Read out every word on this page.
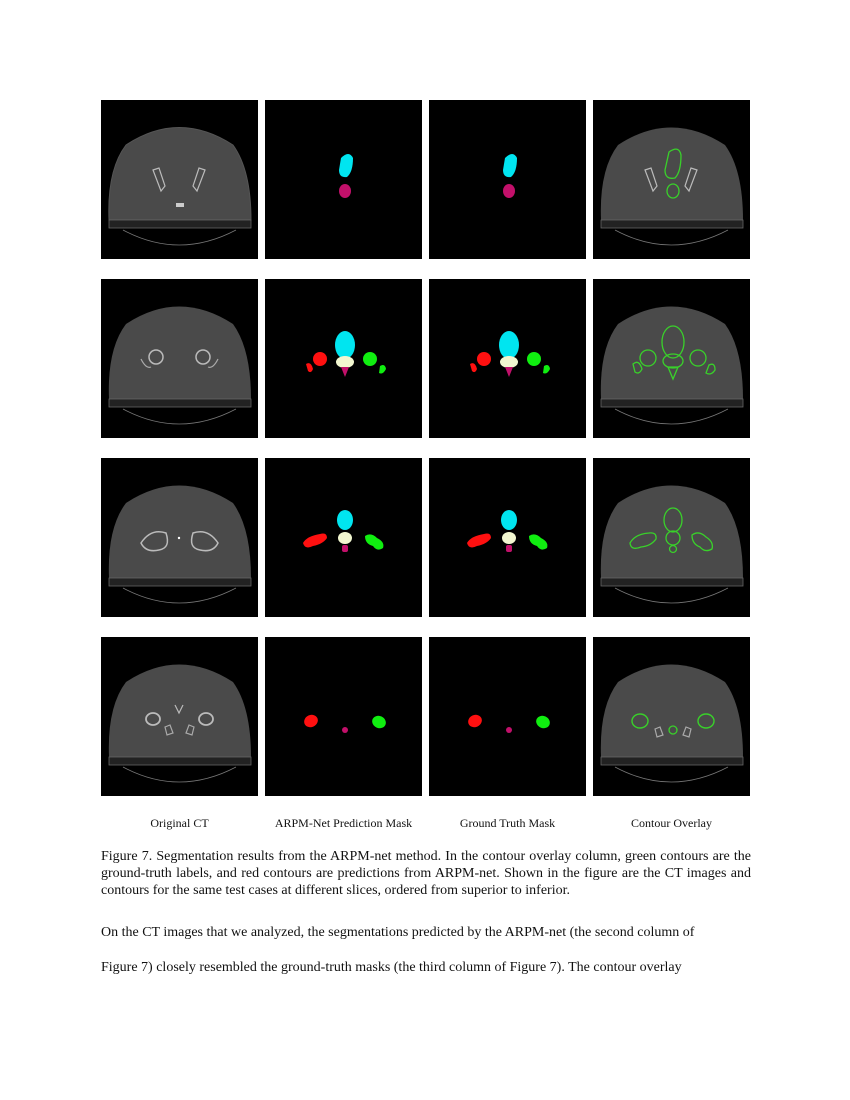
Original CT	ARPM-Net Prediction Mask	Ground Truth Mask	Contour Overlay
Figure 7. Segmentation results from the ARPM-net method. In the contour overlay column, green contours are the ground-truth labels, and red contours are predictions from ARPM-net. Shown in the figure are the CT images and contours for the same test cases at different slices, ordered from superior to inferior.
On the CT images that we analyzed, the segmentations predicted by the ARPM-net (the second column of
Figure 7) closely resembled the ground-truth masks (the third column of Figure 7). The contour overlay
